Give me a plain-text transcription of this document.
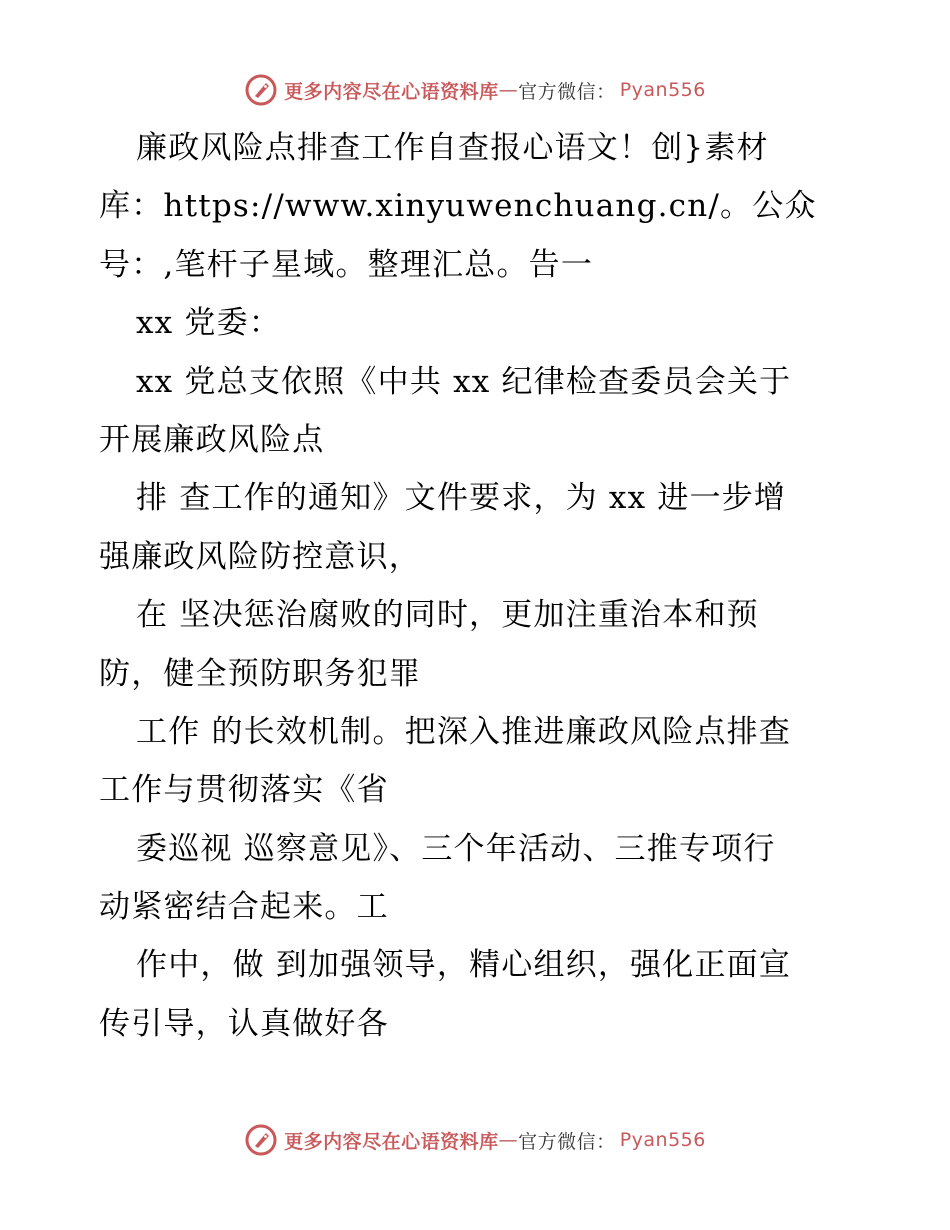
更多内容尽在心语资料库 — 官方微信： Pyan556
廉政风险点排查工作自查报心语文！创}素材
库：https://www.xinyuwenchuang.cn/。公众
号：,笔杆子星域。整理汇总。告一
xx 党委：
xx 党总支依照《中共 xx 纪律检查委员会关于
开展廉政风险点
排 查工作的通知》文件要求，为 xx 进一步增
强廉政风险防控意识，
在 坚决惩治腐败的同时，更加注重治本和预
防，健全预防职务犯罪
工作 的长效机制。把深入推进廉政风险点排查
工作与贯彻落实《省
委巡视 巡察意见》、三个年活动、三推专项行
动紧密结合起来。工
作中，做 到加强领导，精心组织，强化正面宣
传引导，认真做好各
更多内容尽在心语资料库 — 官方微信： Pyan556
